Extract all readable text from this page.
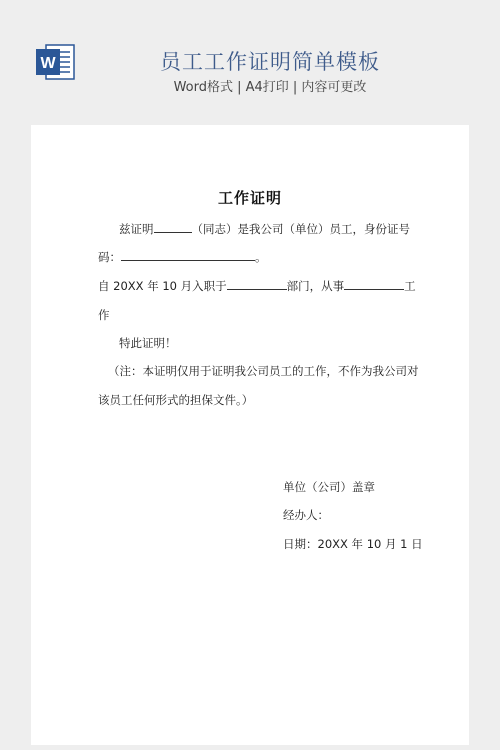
W	员工工作证明简单模板
Word格式 | A4打印 | 内容可更改
工作证明
兹证明	（同志）是我公司（单位）员工，身份证号
码：	。
自 20XX 年 10 月入职于	部门，从事	工
作
特此证明！
（注：本证明仅用于证明我公司员工的工作，不作为我公司对
该员工任何形式的担保文件。）
单位（公司）盖章
经办人：
日期：20XX 年 10 月 1 日
